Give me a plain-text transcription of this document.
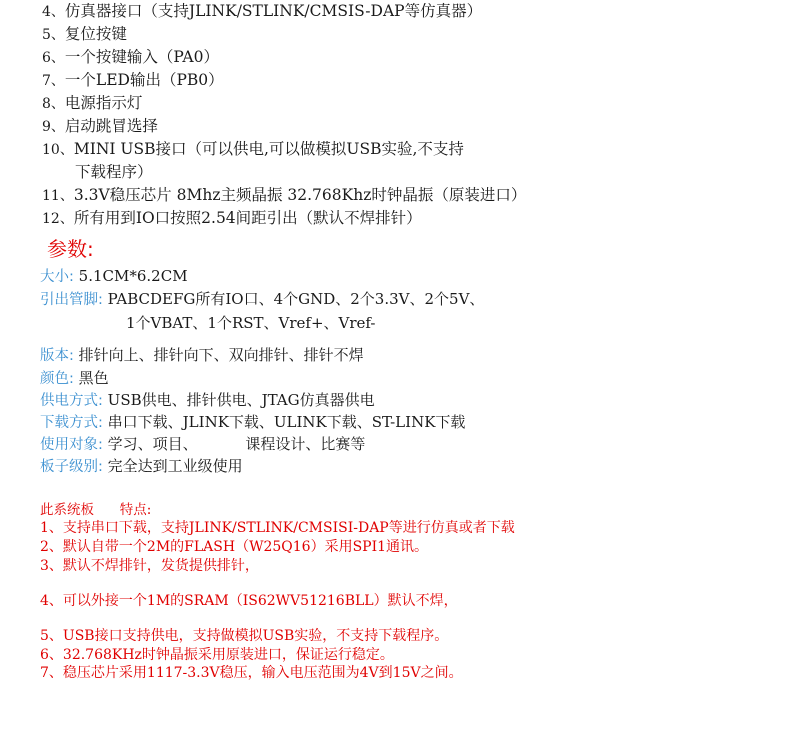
4、仿真器接口（支持JLINK/STLINK/CMSIS-DAP等仿真器）
5、复位按键
6、一个按键输入（PA0）
7、一个LED输出（PB0）
8、电源指示灯
9、启动跳冒选择
10、MINI USB接口（可以供电,可以做模拟USB实验,不支持
下载程序）
11、3.3V稳压芯片 8Mhz主频晶振 32.768Khz时钟晶振（原装进口）
12、所有用到IO口按照2.54间距引出（默认不焊排针）
参数:
大小: 5.1CM*6.2CM
引出管脚: PABCDEFG所有IO口、4个GND、2个3.3V、2个5V、
1个VBAT、1个RST、Vref+、Vref-
版本: 排针向上、排针向下、双向排针、排针不焊
颜色: 黑色
供电方式: USB供电、排针供电、JTAG仿真器供电
下载方式: 串口下载、JLINK下载、ULINK下载、ST-LINK下载
使用对象: 学习、项目、          课程设计、比赛等
板子级别: 完全达到工业级使用
此系统板      特点:
1、支持串口下载，支持JLINK/STLINK/CMSISI-DAP等进行仿真或者下载
2、默认自带一个2M的FLASH（W25Q16）采用SPI1通讯。
3、默认不焊排针，发货提供排针，
4、可以外接一个1M的SRAM（IS62WV51216BLL）默认不焊，
5、USB接口支持供电，支持做模拟USB实验，不支持下载程序。
6、32.768KHz时钟晶振采用原装进口，保证运行稳定。
7、稳压芯片采用1117-3.3V稳压，输入电压范围为4V到15V之间。
